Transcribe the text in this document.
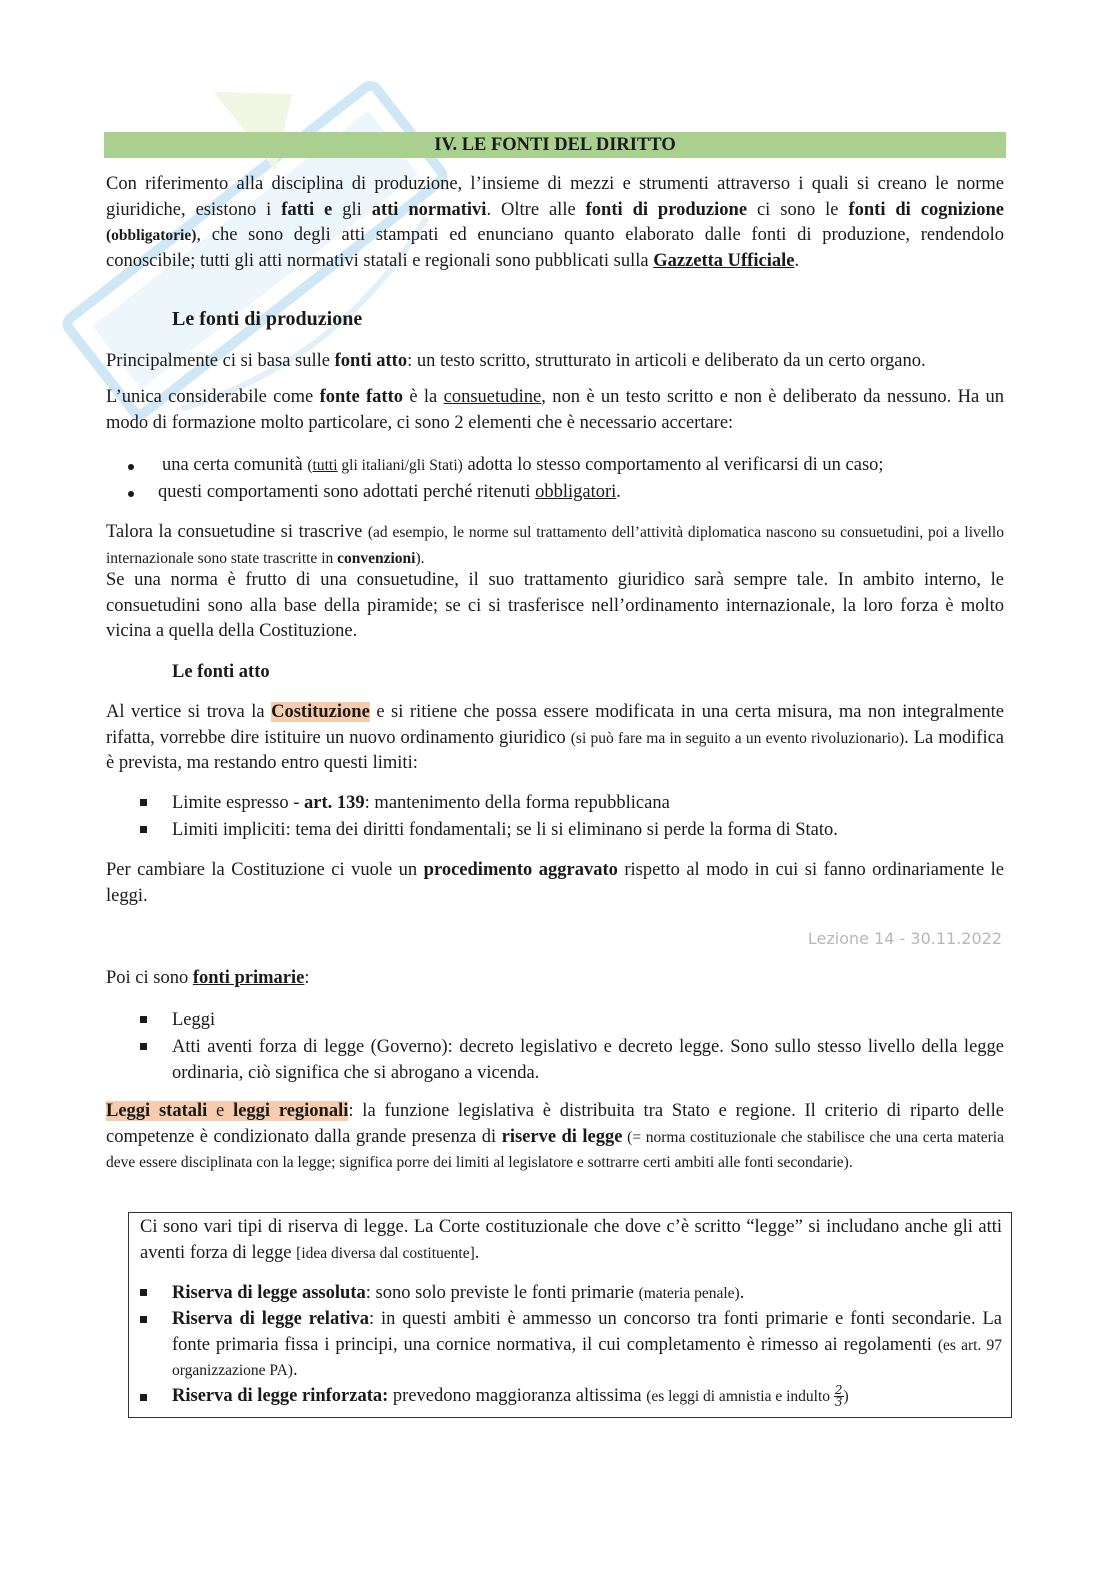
IV. LE FONTI DEL DIRITTO
Con riferimento alla disciplina di produzione, l’insieme di mezzi e strumenti attraverso i quali si creano le norme giuridiche, esistono i fatti e gli atti normativi. Oltre alle fonti di produzione ci sono le fonti di cognizione (obbligatorie), che sono degli atti stampati ed enunciano quanto elaborato dalle fonti di produzione, rendendolo conoscibile; tutti gli atti normativi statali e regionali sono pubblicati sulla Gazzetta Ufficiale.
Le fonti di produzione
Principalmente ci si basa sulle fonti atto: un testo scritto, strutturato in articoli e deliberato da un certo organo.
L’unica considerabile come fonte fatto è la consuetudine, non è un testo scritto e non è deliberato da nessuno. Ha un modo di formazione molto particolare, ci sono 2 elementi che è necessario accertare:
una certa comunità (tutti gli italiani/gli Stati) adotta lo stesso comportamento al verificarsi di un caso;
questi comportamenti sono adottati perché ritenuti obbligatori.
Talora la consuetudine si trascrive (ad esempio, le norme sul trattamento dell’attività diplomatica nascono su consuetudini, poi a livello internazionale sono state trascritte in convenzioni).
Se una norma è frutto di una consuetudine, il suo trattamento giuridico sarà sempre tale. In ambito interno, le consuetudini sono alla base della piramide; se ci si trasferisce nell’ordinamento internazionale, la loro forza è molto vicina a quella della Costituzione.
Le fonti atto
Al vertice si trova la Costituzione e si ritiene che possa essere modificata in una certa misura, ma non integralmente rifatta, vorrebbe dire istituire un nuovo ordinamento giuridico (si può fare ma in seguito a un evento rivoluzionario). La modifica è prevista, ma restando entro questi limiti:
Limite espresso - art. 139: mantenimento della forma repubblicana
Limiti impliciti: tema dei diritti fondamentali; se li si eliminano si perde la forma di Stato.
Per cambiare la Costituzione ci vuole un procedimento aggravato rispetto al modo in cui si fanno ordinariamente le leggi.
Lezione 14 - 30.11.2022
Poi ci sono fonti primarie:
Leggi
Atti aventi forza di legge (Governo): decreto legislativo e decreto legge. Sono sullo stesso livello della legge ordinaria, ciò significa che si abrogano a vicenda.
Leggi statali e leggi regionali: la funzione legislativa è distribuita tra Stato e regione. Il criterio di riparto delle competenze è condizionato dalla grande presenza di riserve di legge (= norma costituzionale che stabilisce che una certa materia deve essere disciplinata con la legge; significa porre dei limiti al legislatore e sottrarre certi ambiti alle fonti secondarie).
Ci sono vari tipi di riserva di legge. La Corte costituzionale che dove c’è scritto “legge” si includano anche gli atti aventi forza di legge [idea diversa dal costituente].
Riserva di legge assoluta: sono solo previste le fonti primarie (materia penale).
Riserva di legge relativa: in questi ambiti è ammesso un concorso tra fonti primarie e fonti secondarie. La fonte primaria fissa i principi, una cornice normativa, il cui completamento è rimesso ai regolamenti (es art. 97 organizzazione PA).
Riserva di legge rinforzata: prevedono maggioranza altissima (es leggi di amnistia e indulto $\frac{2}{3}$ )
